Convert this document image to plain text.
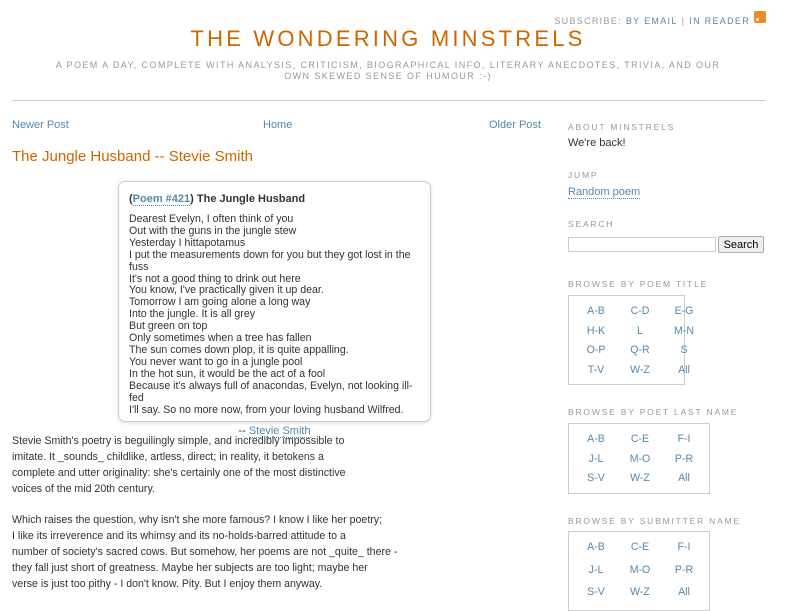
SUBSCRIBE: BY EMAIL | IN READER
THE WONDERING MINSTRELS
A POEM A DAY, COMPLETE WITH ANALYSIS, CRITICISM, BIOGRAPHICAL INFO, LITERARY ANECDOTES, TRIVIA, AND OUR OWN SKEWED SENSE OF HUMOUR :-)
Newer Post	Home	Older Post
The Jungle Husband -- Stevie Smith
(Poem #421) The Jungle Husband
Dearest Evelyn, I often think of you
Out with the guns in the jungle stew
Yesterday I hittapotamus
I put the measurements down for you but they got lost in the fuss
It's not a good thing to drink out here
You know, I've practically given it up dear.
Tomorrow I am going alone a long way
Into the jungle. It is all grey
But green on top
Only sometimes when a tree has fallen
The sun comes down plop, it is quite appalling.
You never want to go in a jungle pool
In the hot sun, it would be the act of a fool
Because it's always full of anacondas, Evelyn, not looking ill-fed
I'll say. So no more now, from your loving husband Wilfred.
-- Stevie Smith
Stevie Smith's poetry is beguilingly simple, and incredibly impossible to
imitate. It _sounds_ childlike, artless, direct; in reality, it betokens a
complete and utter originality: she's certainly one of the most distinctive
voices of the mid 20th century.
Which raises the question, why isn't she more famous? I know I like her poetry;
I like its irreverence and its whimsy and its no-holds-barred attitude to a
number of society's sacred cows. But somehow, her poems are not _quite_ there -
they fall just short of greatness. Maybe her subjects are too light; maybe her
verse is just too pithy - I don't know. Pity. But I enjoy them anyway.
ABOUT MINSTRELS
We're back!
JUMP
Random poem
SEARCH
Search
BROWSE BY POEM TITLE
A-B	C-D	E-G
H-K	L	M-N
O-P	Q-R	S
T-V	W-Z	All
BROWSE BY POET LAST NAME
A-B	C-E	F-I
J-L	M-O	P-R
S-V	W-Z	All
BROWSE BY SUBMITTER NAME
A-B	C-E	F-I
J-L	M-O	P-R
S-V	W-Z	All
